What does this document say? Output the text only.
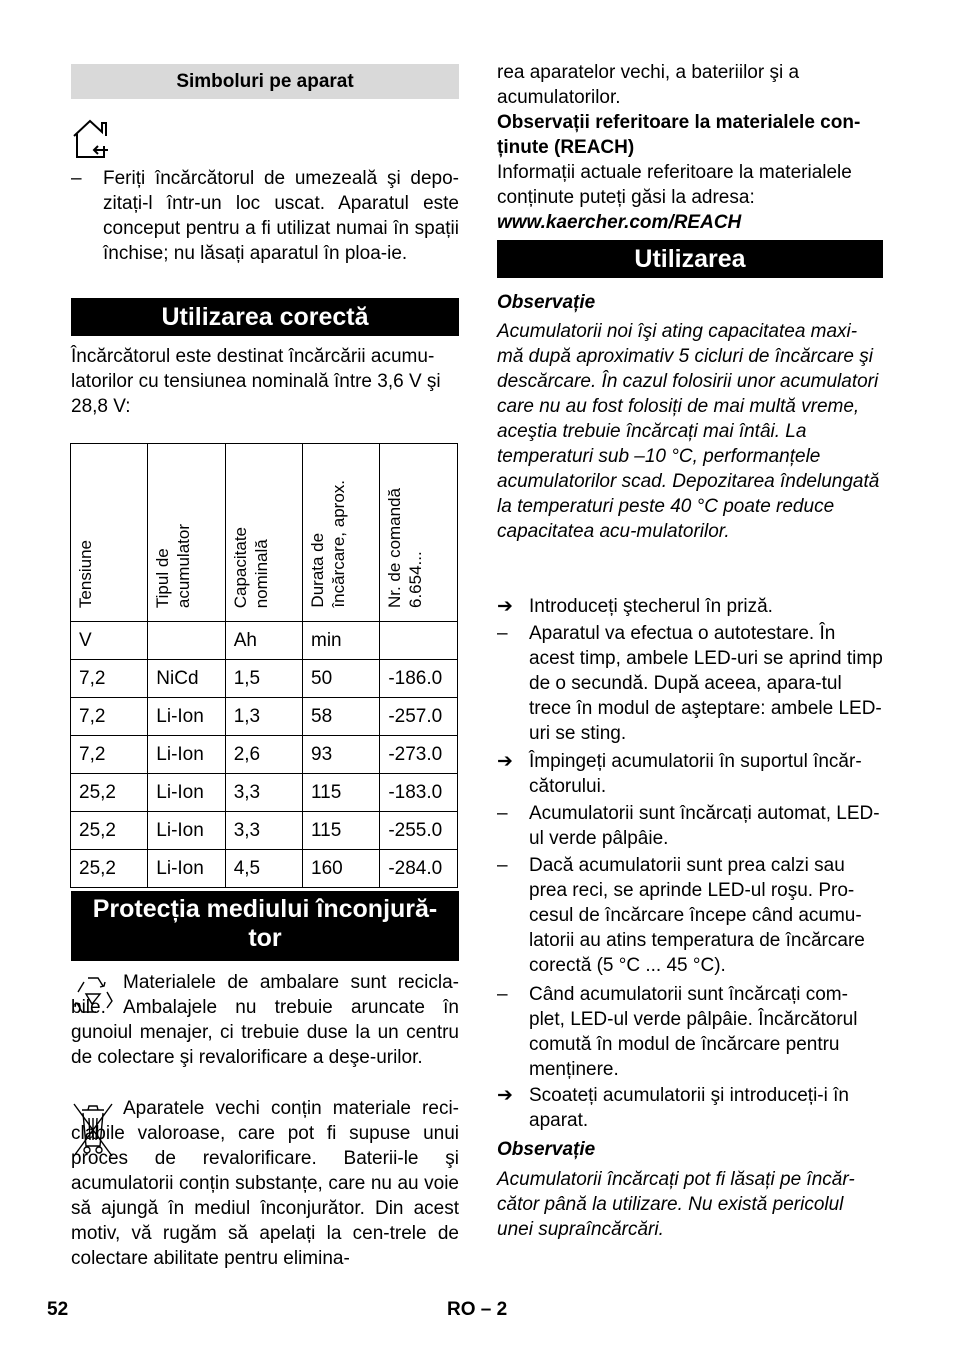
Simboluri pe aparat
–	Feriți încărcătorul de umezeală şi depo-zitați-l într-un loc uscat. Aparatul este conceput pentru a fi utilizat numai în spații închise; nu lăsați aparatul în ploa-ie.

Utilizarea corectă

Încărcătorul este destinat încărcării acumu-latorilor cu tensiunea nominală între 3,6 V şi 28,8 V:

Tensiune	Tipul de acumulator	Capacitate nominală	Durata de încărcare, aprox.	Nr. de comandă 6.654...
V		Ah	min	
7,2	NiCd	1,5	50	-186.0
7,2	Li-Ion	1,3	58	-257.0
7,2	Li-Ion	2,6	93	-273.0
25,2	Li-Ion	3,3	115	-183.0
25,2	Li-Ion	3,3	115	-255.0
25,2	Li-Ion	4,5	160	-284.0
Protecția mediului înconjură-
tor

Materialele de ambalare sunt recicla-bile. Ambalajele nu trebuie aruncate în gunoiul menajer, ci trebuie duse la un centru de colectare şi revalorificare a deşe-urilor.

Aparatele vechi conțin materiale reci-clabile valoroase, care pot fi supuse unui proces de revalorificare. Baterii-le şi acumulatorii conțin substanțe, care nu au voie să ajungă în mediul înconjurător. Din acest motiv, vă rugăm să apelați la cen-trele de colectare abilitate pentru elimina-

rea aparatelor vechi, a bateriilor şi a acumulatorilor.

Observații referitoare la materialele con-ținute (REACH)

Informații actuale referitoare la materialele conținute puteți găsi la adresa:

www.kaercher.com/REACH

Utilizarea

Observație

Acumulatorii noi îşi ating capacitatea maxi-mă după aproximativ 5 cicluri de încărcare şi descărcare. În cazul folosirii unor acumulatori care nu au fost folosiți de mai multă vreme, aceştia trebuie încărcați mai întâi. La temperaturi sub –10 °C, performanțele acumulatorilor scad. Depozitarea îndelungată la temperaturi peste 40 °C poate reduce capacitatea acu-mulatorilor.

➔ Introduceți ştecherul în priză.

–	Aparatul va efectua o autotestare. În acest timp, ambele LED-uri se aprind timp de o secundă. După aceea, apara-tul trece în modul de aşteptare: ambele LED-uri se sting.

➔ Împingeți acumulatorii în suportul încăr-cătorului.

–	Acumulatorii sunt încărcați automat, LED-ul verde pâlpâie.

–	Dacă acumulatorii sunt prea calzi sau prea reci, se aprinde LED-ul roşu. Pro-cesul de încărcare începe când acumu-latorii au atins temperatura de încărcare corectă (5 °C ... 45 °C).

–	Când acumulatorii sunt încărcați com-plet, LED-ul verde pâlpâie. Încărcătorul comută în modul de încărcare pentru menținere.

➔ Scoateți acumulatorii şi introduceți-i în aparat.

Observație

Acumulatorii încărcați pot fi lăsați pe încăr-cător până la utilizare. Nu există pericolul unei supraîncărcări.

52	RO – 2
